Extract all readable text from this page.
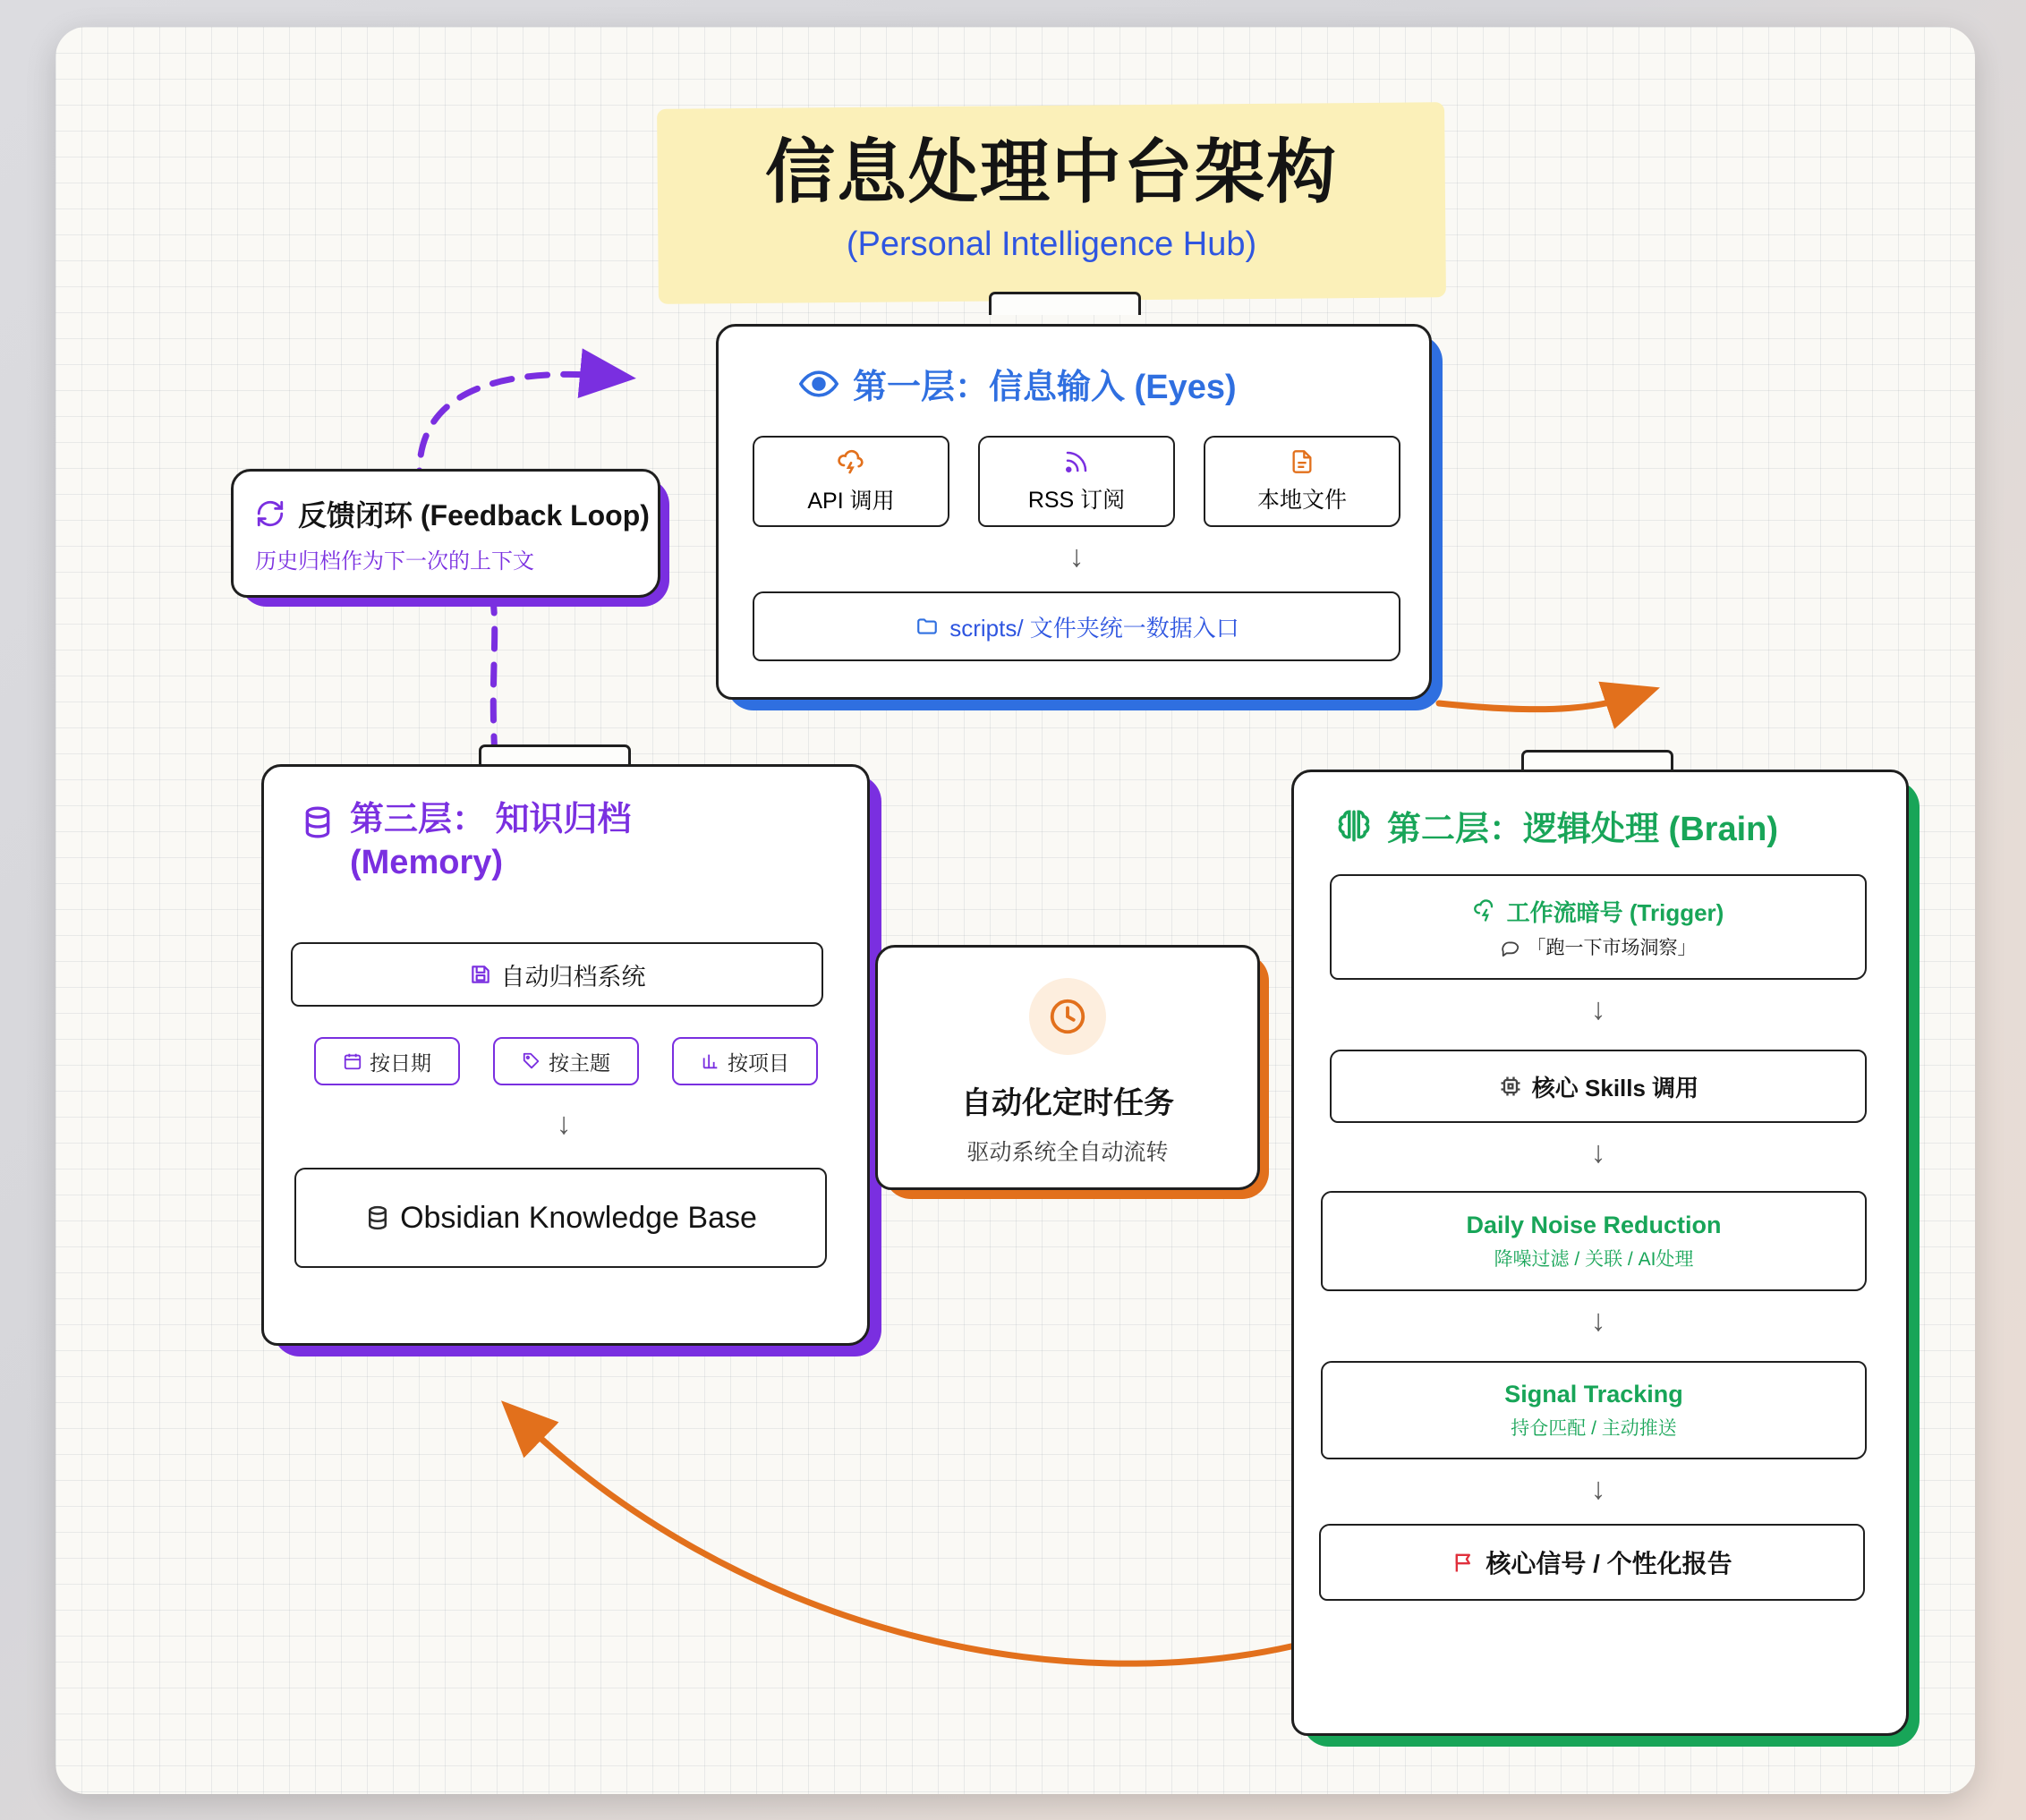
信息处理中台架构
(Personal Intelligence Hub)
反馈闭环 (Feedback Loop)
历史归档作为下一次的上下文
第一层：信息输入 (Eyes)
API 调用	RSS 订阅	本地文件
↓
scripts/ 文件夹统一数据入口
第二层：逻辑处理 (Brain)
工作流暗号 (Trigger)
「跑一下市场洞察」
↓
核心 Skills 调用
↓
Daily Noise Reduction
降噪过滤 / 关联 / AI处理
↓
Signal Tracking
持仓匹配 / 主动推送
↓
核心信号 / 个性化报告
第三层： 知识归档
(Memory)
自动归档系统
按日期	按主题	按项目
↓
Obsidian Knowledge Base
自动化定时任务
驱动系统全自动流转
